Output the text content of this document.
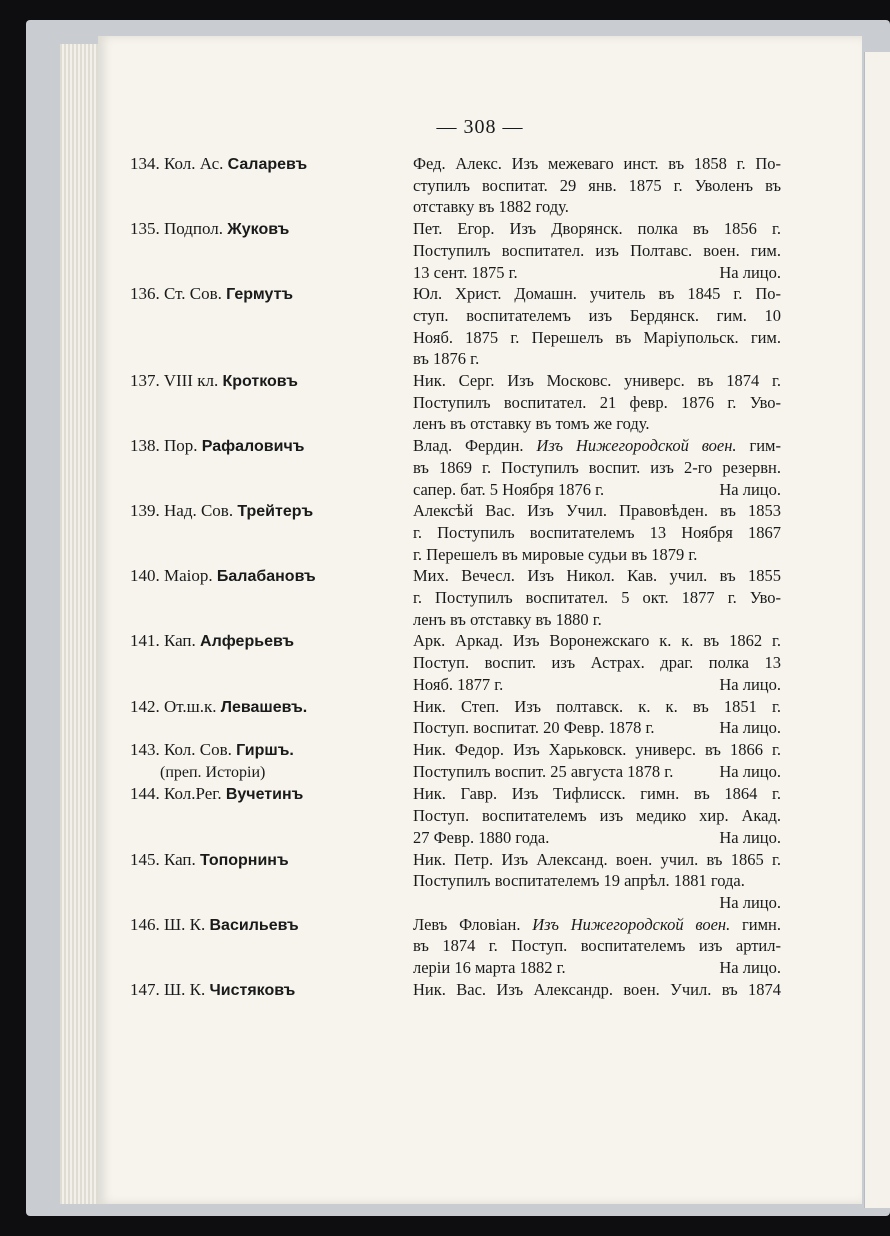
— 308 —
134. Кол. Ас. Саларевъ	Фед. Алекс. Изъ межеваго инст. въ 1858 г. По-
ступилъ воспитат. 29 янв. 1875 г. Уволенъ въ
отставку въ 1882 году.
135. Подпол. Жуковъ	Пет. Егор. Изъ Дворянск. полка въ 1856 г.
Поступилъ воспитател. изъ Полтавс. воен. гим.
13 сент. 1875 г.	На лицо.
136. Ст. Сов. Гермутъ	Юл. Христ. Домашн. учитель въ 1845 г. По-
ступ. воспитателемъ изъ Бердянск. гим. 10
Нояб. 1875 г. Перешелъ въ Маріупольск. гим.
въ 1876 г.
137. VIII кл. Кротковъ	Ник. Серг. Изъ Московс. универс. въ 1874 г.
Поступилъ воспитател. 21 февр. 1876 г. Уво-
ленъ въ отставку въ томъ же году.
138. Пор. Рафаловичъ	Влад. Фердин. Изъ Нижегородской воен. гим-
въ 1869 г. Поступилъ воспит. изъ 2-го резервн.
сапер. бат. 5 Ноября 1876 г.	На лицо.
139. Над. Сов. Трейтеръ	Алексѣй Вас. Изъ Учил. Правовѣден. въ 1853
г. Поступилъ воспитателемъ 13 Ноября 1867
г. Перешелъ въ мировые судьи въ 1879 г.
140. Маіор. Балабановъ	Мих. Вечесл. Изъ Никол. Кав. учил. въ 1855
г. Поступилъ воспитател. 5 окт. 1877 г. Уво-
ленъ въ отставку въ 1880 г.
141. Кап. Алферьевъ	Арк. Аркад. Изъ Воронежскаго к. к. въ 1862 г.
Поступ. воспит. изъ Астрах. драг. полка 13
Нояб. 1877 г.	На лицо.
142. От.ш.к. Левашевъ.	Ник. Степ. Изъ полтавск. к. к. въ 1851 г.
Поступ. воспитат. 20 Февр. 1878 г.	На лицо.
143. Кол. Сов. Гиршъ.
(преп. Исторіи)
Ник. Федор. Изъ Харьковск. универс. въ 1866 г.
Поступилъ воспит. 25 августа 1878 г.	На лицо.
144. Кол.Рег. Вучетинъ	Ник. Гавр. Изъ Тифлисск. гимн. въ 1864 г.
Поступ. воспитателемъ изъ медико хир. Акад.
27 Февр. 1880 года.	На лицо.
145. Кап. Топорнинъ	Ник. Петр. Изъ Александ. воен. учил. въ 1865 г.
Поступилъ воспитателемъ 19 апрѣл. 1881 года.
На лицо.
146. Ш. К. Васильевъ	Левъ Фловіан. Изъ Нижегородской воен. гимн.
въ 1874 г. Поступ. воспитателемъ изъ артил-
леріи 16 марта 1882 г.	На лицо.
147. Ш. К. Чистяковъ	Ник. Вас. Изъ Александр. воен. Учил. въ 1874
